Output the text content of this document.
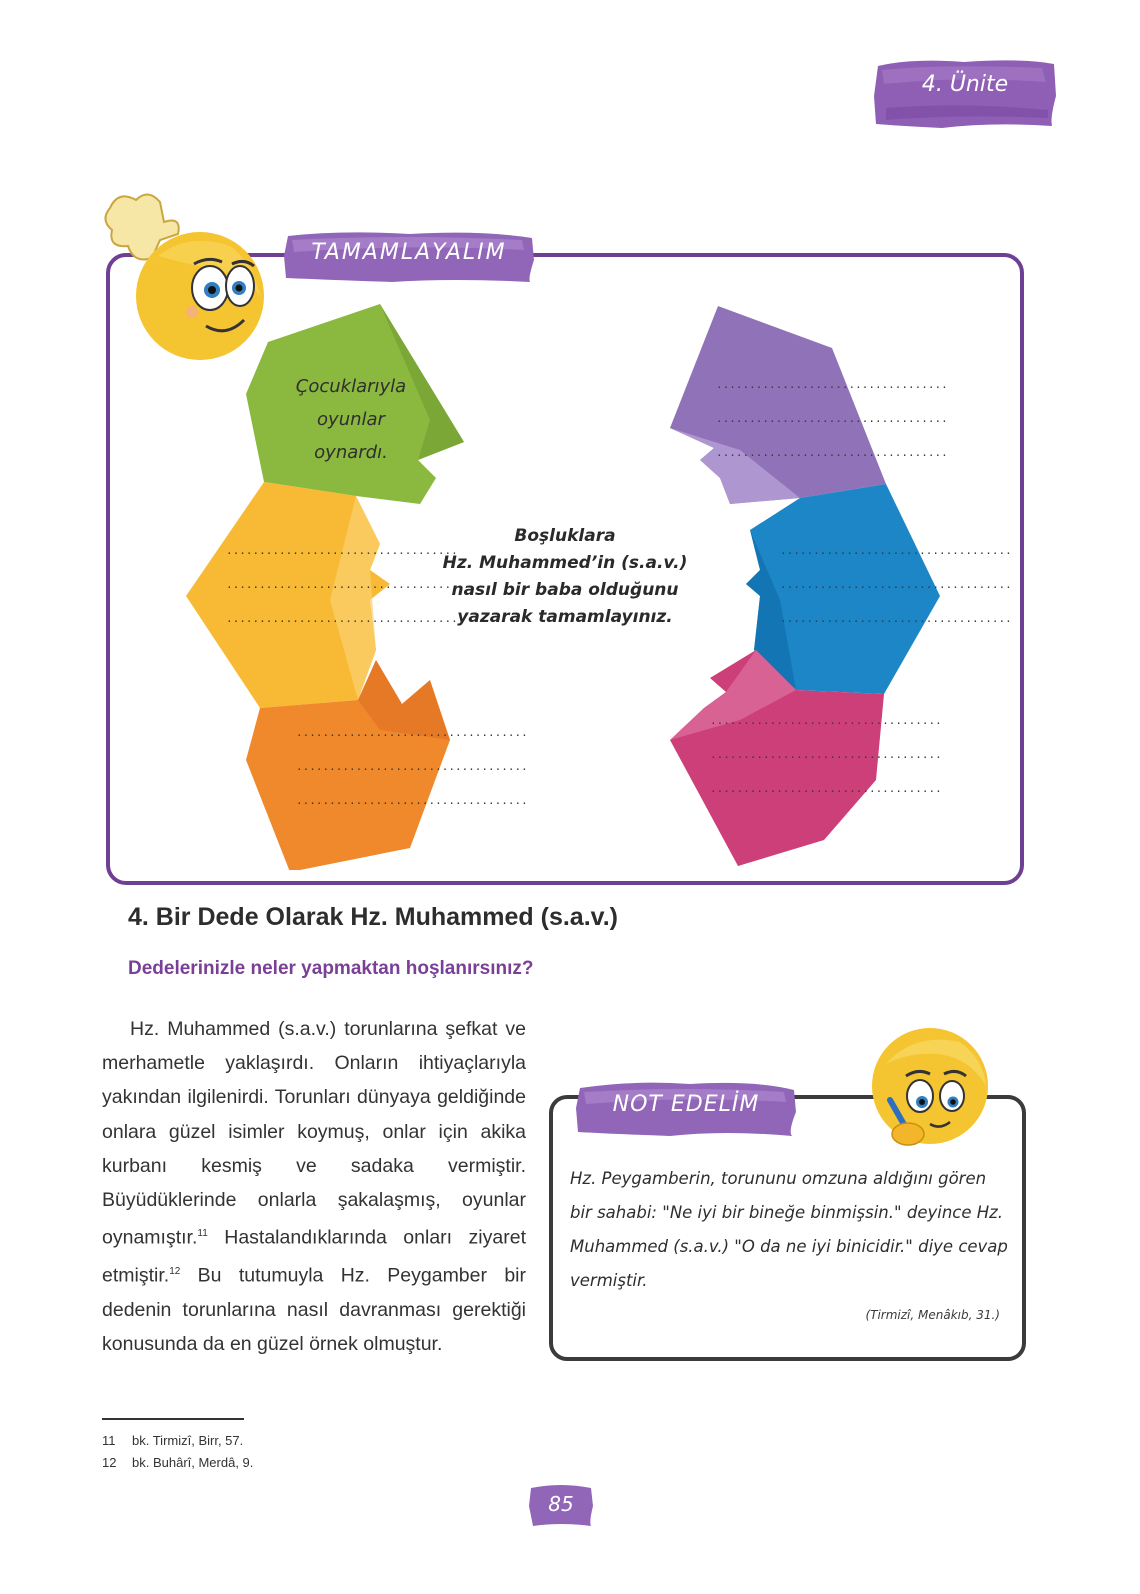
4. Ünite
TAMAMLAYALIM
Çocuklarıyla
oyunlar
oynardı.
...................................
...................................
...................................
...................................
...................................
...................................
...................................
...................................
...................................
...................................
...................................
...................................
...................................
...................................
...................................
Boşluklara
Hz. Muhammed’in (s.a.v.)
nasıl bir baba olduğunu
yazarak tamamlayınız.
4. Bir Dede Olarak Hz. Muhammed (s.a.v.)
Dedelerinizle neler yapmaktan hoşlanırsınız?

Hz. Muhammed (s.a.v.) torunlarına şefkat ve merhametle yaklaşırdı. Onların ihtiyaçlarıyla yakından ilgilenirdi. Torunları dünyaya geldiğinde onlara güzel isimler koymuş, onlar için akika kurbanı kesmiş ve sadaka vermiştir. Büyüdüklerinde onlarla şakalaşmış, oyunlar oynamıştır.$^{11}$ Hastalandıklarında onları ziyaret etmiştir.$^{12}$ Bu tutumuyla Hz. Peygamber bir dedenin torunlarına nasıl davranması gerektiği konusunda da en güzel örnek olmuştur.

11 bk. Tirmizî, Birr, 57.
12 bk. Buhârî, Merdâ, 9.
NOT EDELİM
Hz. Peygamberin, torununu omzuna aldığını gören bir sahabi: "Ne iyi bir bineğe binmişsin." deyince Hz. Muhammed (s.a.v.) "O da ne iyi binicidir." diye cevap vermiştir.
(Tirmizî, Menâkıb, 31.)
85
